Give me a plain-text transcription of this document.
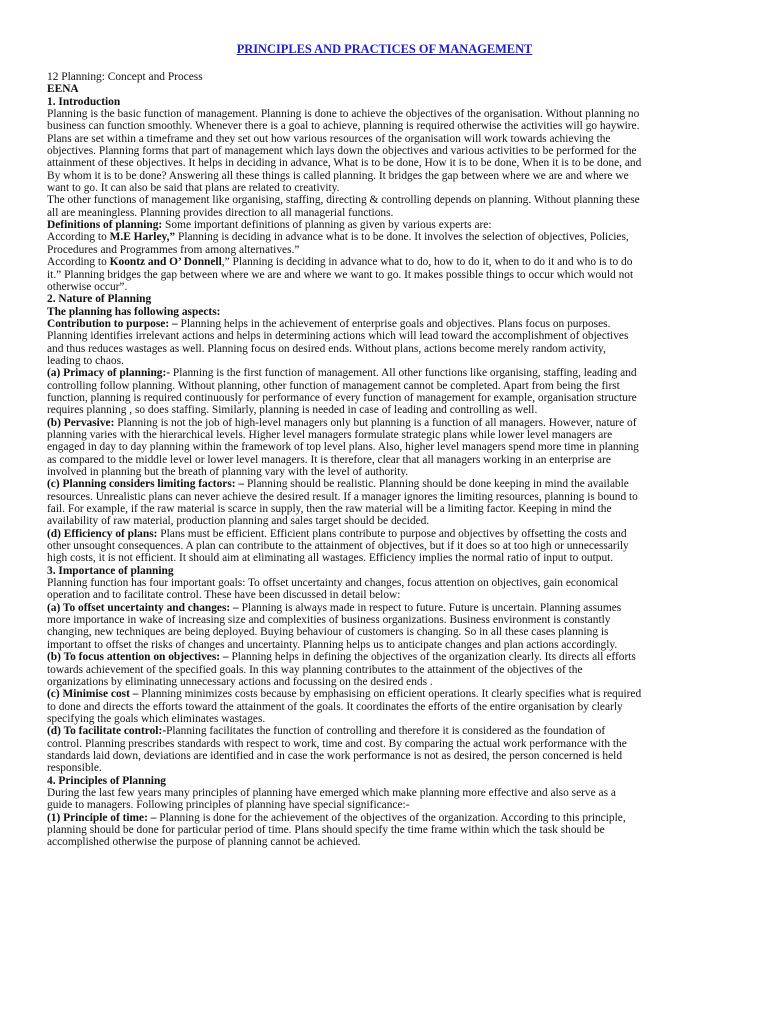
PRINCIPLES AND PRACTICES OF MANAGEMENT
12 Planning: Concept and Process
EENA
1. Introduction
Planning is the basic function of management. Planning is done to achieve the objectives of the organisation. Without planning no
business can function smoothly. Whenever there is a goal to achieve, planning is required otherwise the activities will go haywire.
Plans are set within a timeframe and they set out how various resources of the organisation will work towards achieving the
objectives. Planning forms that part of management which lays down the objectives and various activities to be performed for the
attainment of these objectives. It helps in deciding in advance, What is to be done, How it is to be done, When it is to be done, and
By whom it is to be done? Answering all these things is called planning. It bridges the gap between where we are and where we
want to go. It can also be said that plans are related to creativity.
The other functions of management like organising, staffing, directing & controlling depends on planning. Without planning these
all are meaningless. Planning provides direction to all managerial functions.
Definitions of planning: Some important definitions of planning as given by various experts are:
According to M.E Harley,” Planning is deciding in advance what is to be done. It involves the selection of objectives, Policies,
Procedures and Programmes from among alternatives.”
According to Koontz and O’ Donnell,” Planning is deciding in advance what to do, how to do it, when to do it and who is to do
it.” Planning bridges the gap between where we are and where we want to go. It makes possible things to occur which would not
otherwise occur”.
2. Nature of Planning
The planning has following aspects:
Contribution to purpose: – Planning helps in the achievement of enterprise goals and objectives. Plans focus on purposes.
Planning identifies irrelevant actions and helps in determining actions which will lead toward the accomplishment of objectives
and thus reduces wastages as well. Planning focus on desired ends. Without plans, actions become merely random activity,
leading to chaos.
(a) Primacy of planning:- Planning is the first function of management. All other functions like organising, staffing, leading and
controlling follow planning. Without planning, other function of management cannot be completed. Apart from being the first
function, planning is required continuously for performance of every function of management for example, organisation structure
requires planning , so does staffing. Similarly, planning is needed in case of leading and controlling as well.
(b) Pervasive: Planning is not the job of high-level managers only but planning is a function of all managers. However, nature of
planning varies with the hierarchical levels. Higher level managers formulate strategic plans while lower level managers are
engaged in day to day planning within the framework of top level plans. Also, higher level managers spend more time in planning
as compared to the middle level or lower level managers. It is therefore, clear that all managers working in an enterprise are
involved in planning but the breath of planning vary with the level of authority.
(c) Planning considers limiting factors: – Planning should be realistic. Planning should be done keeping in mind the available
resources. Unrealistic plans can never achieve the desired result. If a manager ignores the limiting resources, planning is bound to
fail. For example, if the raw material is scarce in supply, then the raw material will be a limiting factor. Keeping in mind the
availability of raw material, production planning and sales target should be decided.
(d) Efficiency of plans: Plans must be efficient. Efficient plans contribute to purpose and objectives by offsetting the costs and
other unsought consequences. A plan can contribute to the attainment of objectives, but if it does so at too high or unnecessarily
high costs, it is not efficient. It should aim at eliminating all wastages. Efficiency implies the normal ratio of input to output.
3. Importance of planning
Planning function has four important goals: To offset uncertainty and changes, focus attention on objectives, gain economical
operation and to facilitate control. These have been discussed in detail below:
(a) To offset uncertainty and changes: – Planning is always made in respect to future. Future is uncertain. Planning assumes
more importance in wake of increasing size and complexities of business organizations. Business environment is constantly
changing, new techniques are being deployed. Buying behaviour of customers is changing. So in all these cases planning is
important to offset the risks of changes and uncertainty. Planning helps us to anticipate changes and plan actions accordingly.
(b) To focus attention on objectives: – Planning helps in defining the objectives of the organization clearly. Its directs all efforts
towards achievement of the specified goals. In this way planning contributes to the attainment of the objectives of the
organizations by eliminating unnecessary actions and focussing on the desired ends .
(c) Minimise cost – Planning minimizes costs because by emphasising on efficient operations. It clearly specifies what is required
to done and directs the efforts toward the attainment of the goals. It coordinates the efforts of the entire organisation by clearly
specifying the goals which eliminates wastages.
(d) To facilitate control:-Planning facilitates the function of controlling and therefore it is considered as the foundation of
control. Planning prescribes standards with respect to work, time and cost. By comparing the actual work performance with the
standards laid down, deviations are identified and in case the work performance is not as desired, the person concerned is held
responsible.
4. Principles of Planning
During the last few years many principles of planning have emerged which make planning more effective and also serve as a
guide to managers. Following principles of planning have special significance:-
(1) Principle of time: – Planning is done for the achievement of the objectives of the organization. According to this principle,
planning should be done for particular period of time. Plans should specify the time frame within which the task should be
accomplished otherwise the purpose of planning cannot be achieved.
